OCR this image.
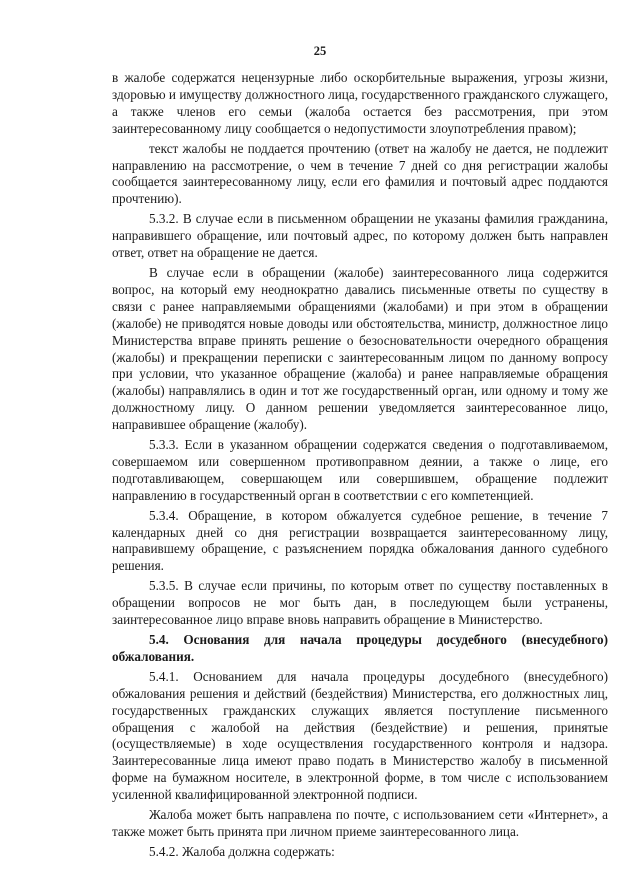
25

в жалобе содержатся нецензурные либо оскорбительные выражения, угрозы жизни, здоровью и имуществу должностного лица, государственного гражданского служащего, а также членов его семьи (жалоба остается без рассмотрения, при этом заинтересованному лицу сообщается о недопустимости злоупотребления правом);

текст жалобы не поддается прочтению (ответ на жалобу не дается, не подлежит направлению на рассмотрение, о чем в течение 7 дней со дня регистрации жалобы сообщается заинтересованному лицу, если его фамилия и почтовый адрес поддаются прочтению).

5.3.2. В случае если в письменном обращении не указаны фамилия гражданина, направившего обращение, или почтовый адрес, по которому должен быть направлен ответ, ответ на обращение не дается.

В случае если в обращении (жалобе) заинтересованного лица содержится вопрос, на который ему неоднократно давались письменные ответы по существу в связи с ранее направляемыми обращениями (жалобами) и при этом в обращении (жалобе) не приводятся новые доводы или обстоятельства, министр, должностное лицо Министерства вправе принять решение о безосновательности очередного обращения (жалобы) и прекращении переписки с заинтересованным лицом по данному вопросу при условии, что указанное обращение (жалоба) и ранее направляемые обращения (жалобы) направлялись в один и тот же государственный орган, или одному и тому же должностному лицу. О данном решении уведомляется заинтересованное лицо, направившее обращение (жалобу).

5.3.3. Если в указанном обращении содержатся сведения о подготавливаемом, совершаемом или совершенном противоправном деянии, а также о лице, его подготавливающем, совершающем или совершившем, обращение подлежит направлению в государственный орган в соответствии с его компетенцией.

5.3.4. Обращение, в котором обжалуется судебное решение, в течение 7 календарных дней со дня регистрации возвращается заинтересованному лицу, направившему обращение, с разъяснением порядка обжалования данного судебного решения.

5.3.5. В случае если причины, по которым ответ по существу поставленных в обращении вопросов не мог быть дан, в последующем были устранены, заинтересованное лицо вправе вновь направить обращение в Министерство.

5.4. Основания для начала процедуры досудебного (внесудебного) обжалования.

5.4.1. Основанием для начала процедуры досудебного (внесудебного) обжалования решения и действий (бездействия) Министерства, его должностных лиц, государственных гражданских служащих является поступление письменного обращения с жалобой на действия (бездействие) и решения, принятые (осуществляемые) в ходе осуществления государственного контроля и надзора. Заинтересованные лица имеют право подать в Министерство жалобу в письменной форме на бумажном носителе, в электронной форме, в том числе с использованием усиленной квалифицированной электронной подписи.

Жалоба может быть направлена по почте, с использованием сети «Интернет», а также может быть принята при личном приеме заинтересованного лица.

5.4.2. Жалоба должна содержать:
